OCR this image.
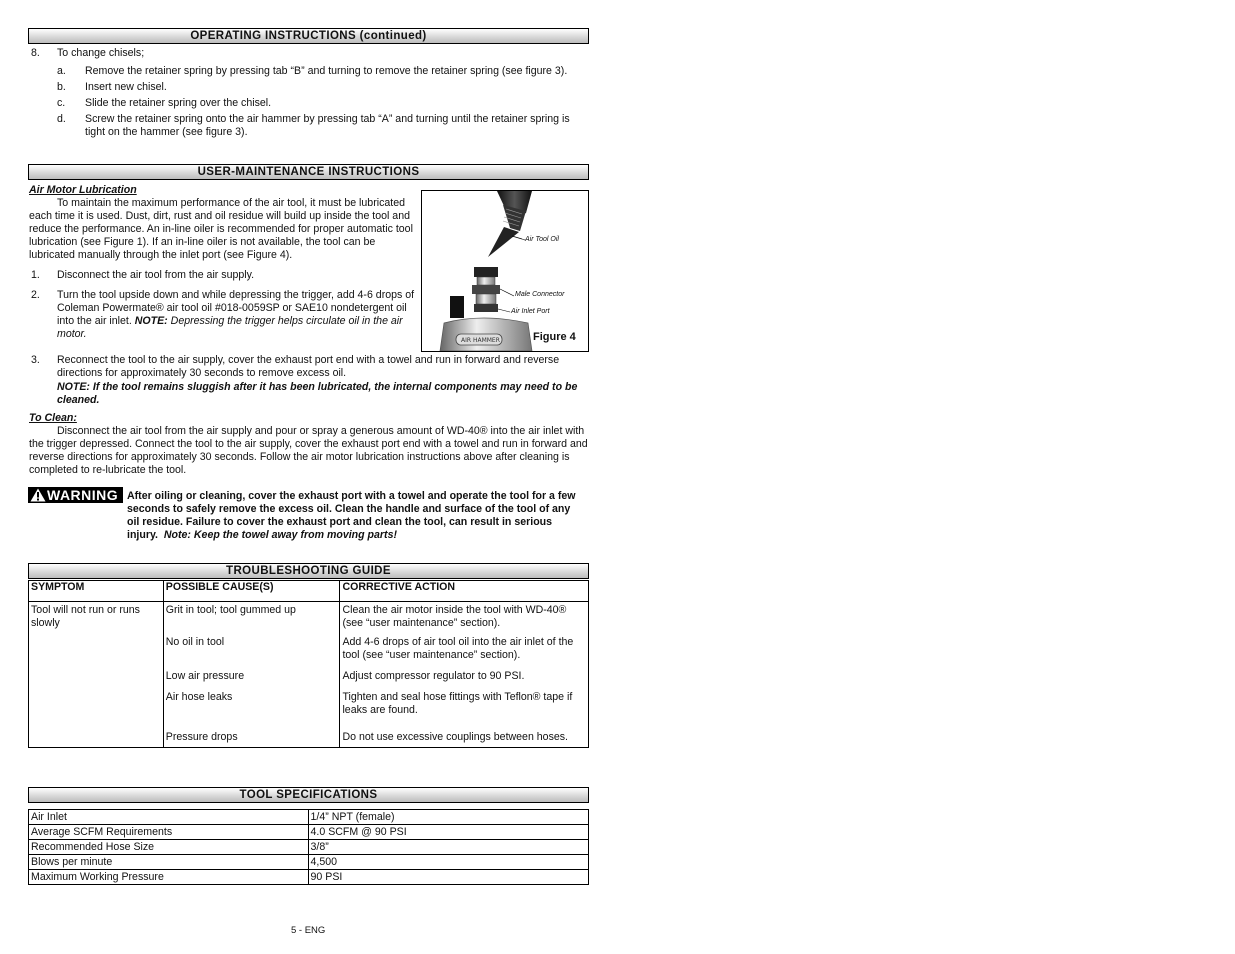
OPERATING INSTRUCTIONS (continued)
8. To change chisels;
a. Remove the retainer spring by pressing tab “B” and turning to remove the retainer spring (see figure 3).
b. Insert new chisel.
c. Slide the retainer spring over the chisel.
d. Screw the retainer spring onto the air hammer by pressing tab “A” and turning until the retainer spring is tight on the hammer (see figure 3).
USER-MAINTENANCE INSTRUCTIONS
Air Motor Lubrication
To maintain the maximum performance of the air tool, it must be lubricated each time it is used. Dust, dirt, rust and oil residue will build up inside the tool and reduce the performance. An in-line oiler is recommended for proper automatic tool lubrication (see Figure 1). If an in-line oiler is not available, the tool can be lubricated manually through the inlet port (see Figure 4).
1. Disconnect the air tool from the air supply.
2. Turn the tool upside down and while depressing the trigger, add 4-6 drops of Coleman Powermate® air tool oil #018-0059SP or SAE10 nondetergent oil into the air inlet. NOTE: Depressing the trigger helps circulate oil in the air motor.
AIR HAMMER
Air Tool Oil
Male Connector
Air Inlet Port
Figure 4
3. Reconnect the tool to the air supply, cover the exhaust port end with a towel and run in forward and reverse directions for approximately 30 seconds to remove excess oil.
NOTE: If the tool remains sluggish after it has been lubricated, the internal components may need to be cleaned.
To Clean:
Disconnect the air tool from the air supply and pour or spray a generous amount of WD-40® into the air inlet with the trigger depressed. Connect the tool to the air supply, cover the exhaust port end with a towel and run in forward and reverse directions for approximately 30 seconds. Follow the air motor lubrication instructions above after cleaning is completed to re-lubricate the tool.
WARNING After oiling or cleaning, cover the exhaust port with a towel and operate the tool for a few seconds to safely remove the excess oil. Clean the handle and surface of the tool of any oil residue. Failure to cover the exhaust port and clean the tool, can result in serious injury. Note: Keep the towel away from moving parts!
TROUBLESHOOTING GUIDE
SYMPTOM	POSSIBLE CAUSE(S)	CORRECTIVE ACTION
Tool will not run or runs slowly	Grit in tool; tool gummed up	Clean the air motor inside the tool with WD-40® (see “user maintenance” section).
	No oil in tool	Add 4-6 drops of air tool oil into the air inlet of the tool (see “user maintenance” section).
	Low air pressure	Adjust compressor regulator to 90 PSI.
	Air hose leaks	Tighten and seal hose fittings with Teflon® tape if leaks are found.
	Pressure drops	Do not use excessive couplings between hoses.
TOOL SPECIFICATIONS
Air Inlet	1/4” NPT (female)
Average SCFM Requirements	4.0 SCFM @ 90 PSI
Recommended Hose Size	3/8”
Blows per minute	4,500
Maximum Working Pressure	90 PSI
5 - ENG
